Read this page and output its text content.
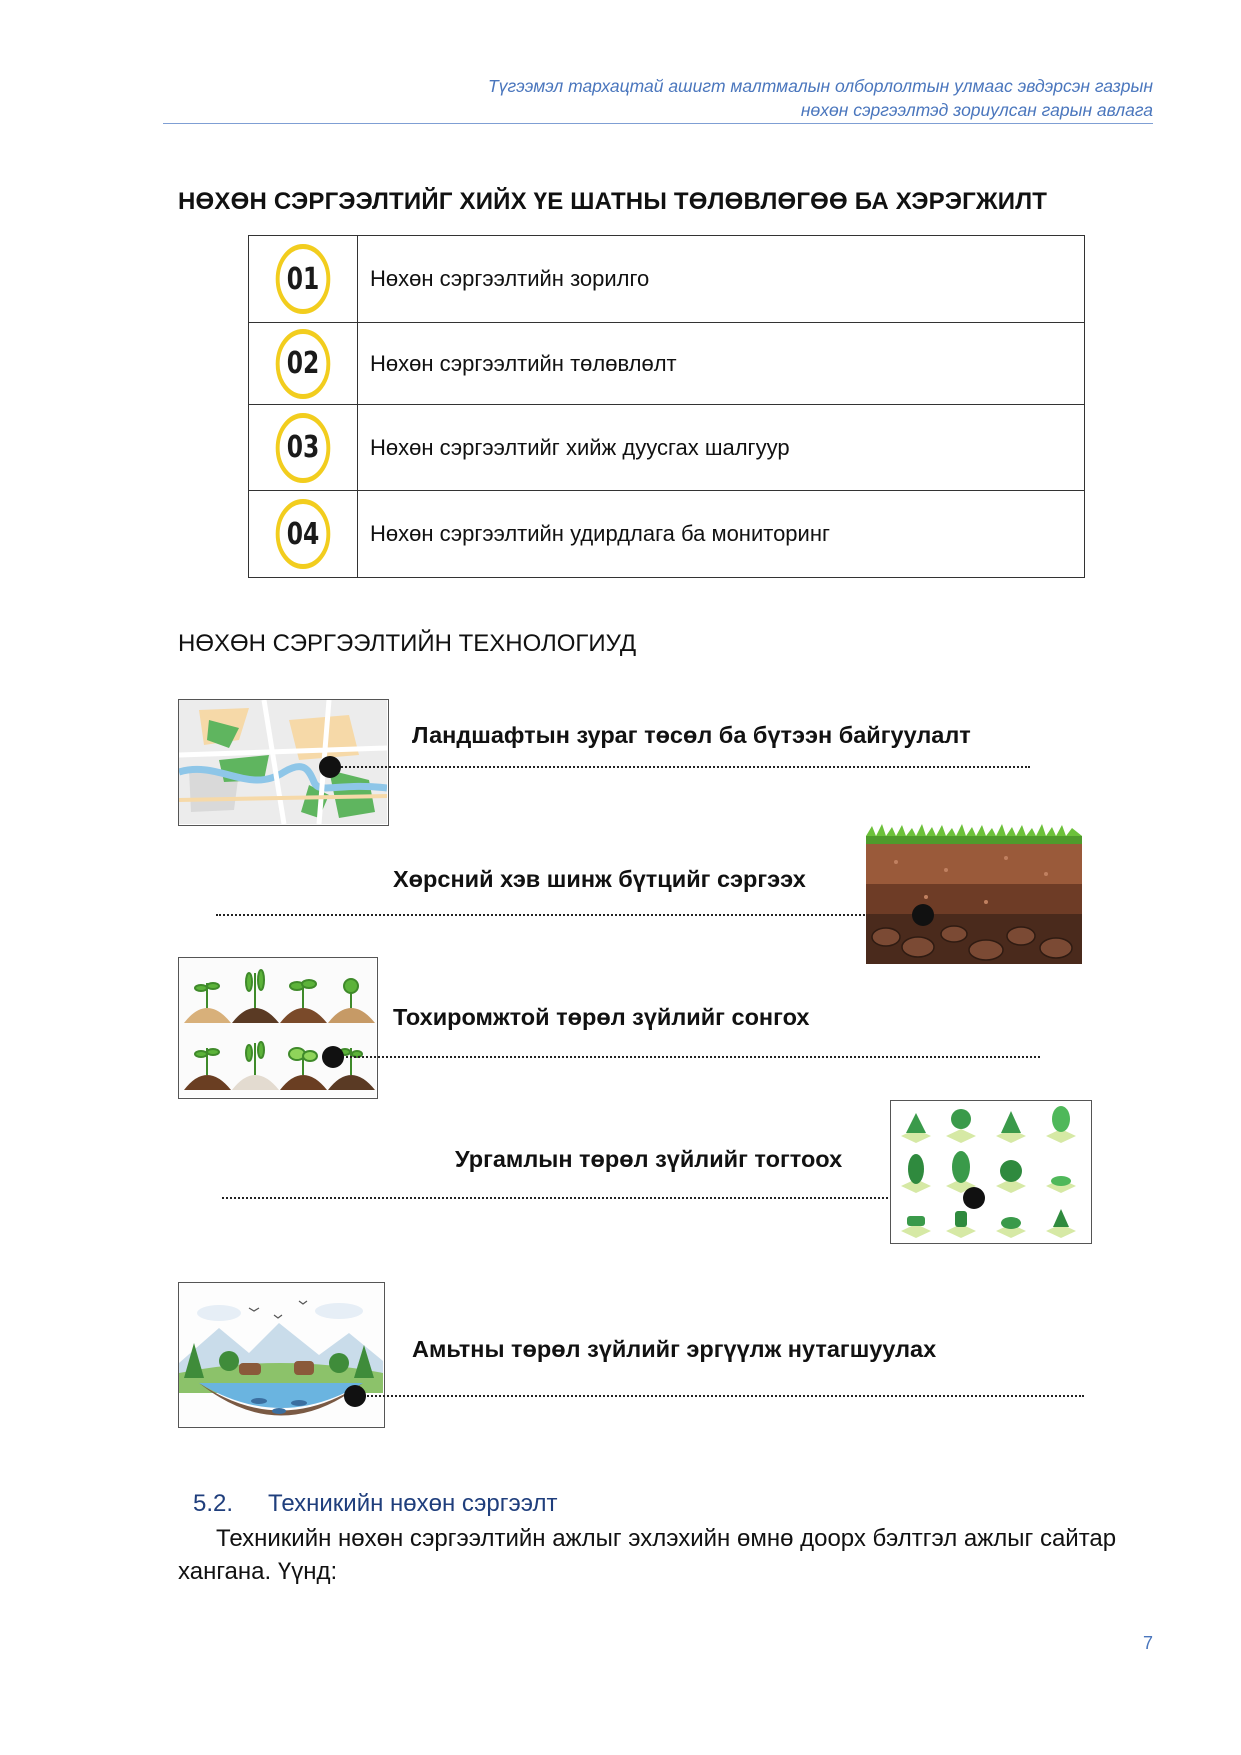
Түгээмэл тархацтай ашигт малтмалын олборлолтын улмаас эвдэрсэн газрын
нөхөн сэргээлтэд зориулсан гарын авлага
НӨХӨН СЭРГЭЭЛТИЙГ ХИЙХ ҮЕ ШАТНЫ ТӨЛӨВЛӨГӨӨ БА ХЭРЭГЖИЛТ
01	Нөхөн сэргээлтийн зорилго
02	Нөхөн сэргээлтийн төлөвлөлт
03	Нөхөн сэргээлтийг хийж дуусгах шалгуур
04	Нөхөн сэргээлтийн удирдлага ба мониторинг
НӨХӨН СЭРГЭЭЛТИЙН ТЕХНОЛОГИУД
Ландшафтын зураг төсөл ба бүтээн байгуулалт
Хөрсний хэв шинж бүтцийг сэргээх
Тохиромжтой төрөл зүйлийг сонгох
Ургамлын төрөл зүйлийг тогтоох
Амьтны төрөл зүйлийг эргүүлж нутагшуулах
5.2. Техникийн нөхөн сэргээлт
Техникийн нөхөн сэргээлтийн ажлыг эхлэхийн өмнө доорх бэлтгэл ажлыг сайтар хангана. Үүнд:
7
